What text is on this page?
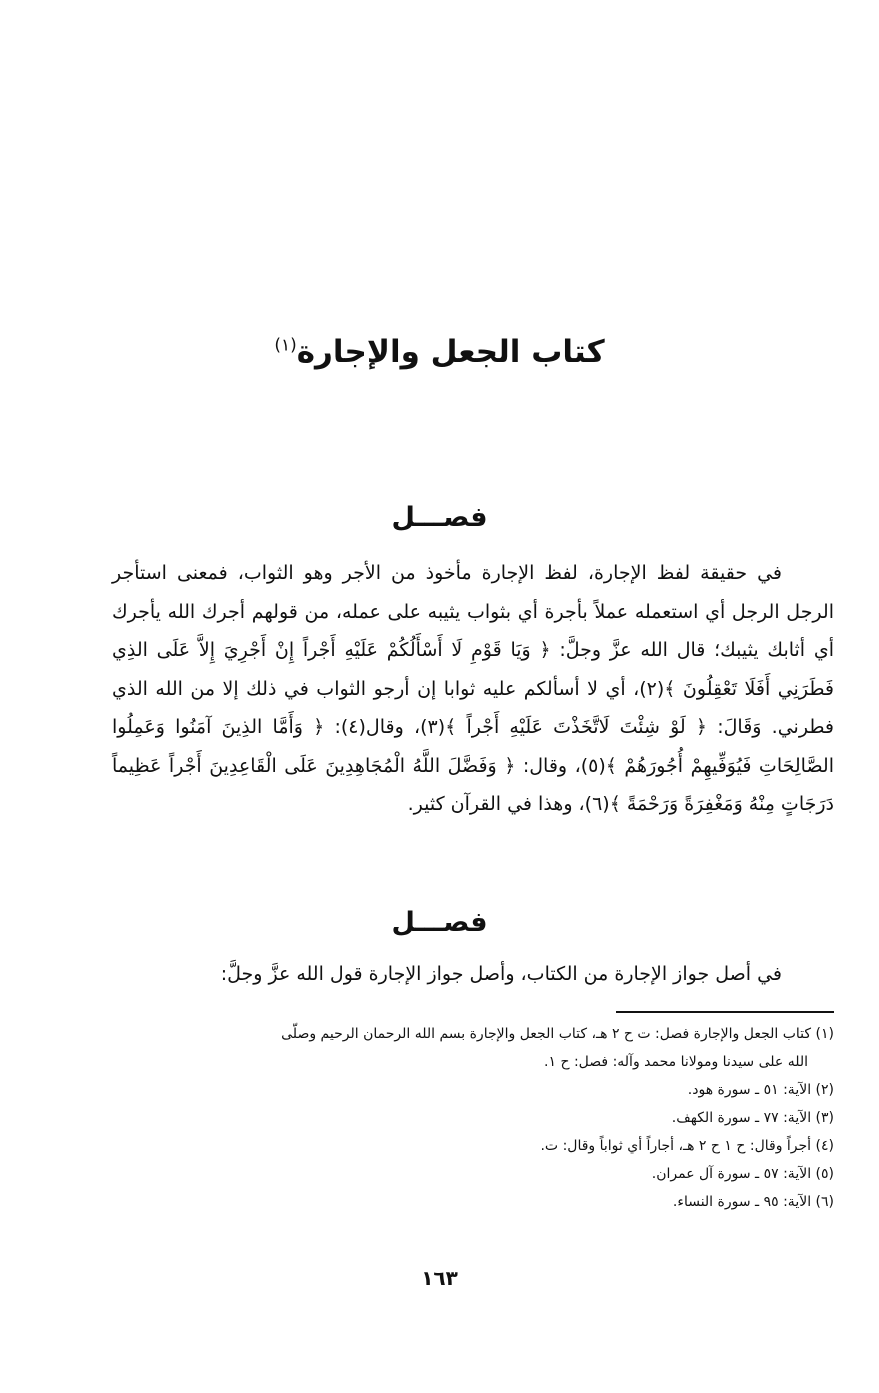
كتاب الجعل والإجارة$^{(١)}$
فصـــل

في حقيقة لفظ الإجارة، لفظ الإجارة مأخوذ من الأجر وهو الثواب، فمعنى استأجر الرجل الرجل أي استعمله عملاً بأجرة أي بثواب يثيبه على عمله، من قولهم أجرك الله يأجرك أي أثابك يثيبك؛ قال الله عزَّ وجلَّ: ﴿ وَيَا قَوْمِ لَا أَسْأَلُكُمْ عَلَيْهِ أَجْراً إِنْ أَجْرِيَ إِلاَّ عَلَى الذِي فَطَرَنِي أَفَلَا تَعْقِلُونَ ﴾(٢)، أي لا أسألكم عليه ثوابا إن أرجو الثواب في ذلك إلا من الله الذي فطرني. وَقَالَ: ﴿ لَوْ شِئْتَ لَاتَّخَذْتَ عَلَيْهِ أَجْراً ﴾(٣)، وقال(٤): ﴿ وَأَمَّا الذِينَ آمَنُوا وَعَمِلُوا الصَّالِحَاتِ فَيُوَفِّيهِمْ أُجُورَهُمْ ﴾(٥)، وقال: ﴿ وَفَضَّلَ اللَّهُ الْمُجَاهِدِينَ عَلَى الْقَاعِدِينَ أَجْراً عَظِيماً دَرَجَاتٍ مِنْهُ وَمَغْفِرَةً وَرَحْمَةً ﴾(٦)، وهذا في القرآن كثير.

فصـــل

في أصل جواز الإجارة من الكتاب، وأصل جواز الإجارة قول الله عزَّ وجلَّ:

(١) كتاب الجعل والإجارة فصل: ت ح ٢ هـ، كتاب الجعل والإجارة بسم الله الرحمان الرحيم وصلّى

الله على سيدنا ومولانا محمد وآله: فصل: ح ١.

(٢) الآية: ٥١ ـ سورة هود.

(٣) الآية: ٧٧ ـ سورة الكهف.

(٤) أجراً وقال: ح ١ ح ٢ هـ، أجاراً أي ثواباً وقال: ت.

(٥) الآية: ٥٧ ـ سورة آل عمران.

(٦) الآية: ٩٥ ـ سورة النساء.

١٦٣
